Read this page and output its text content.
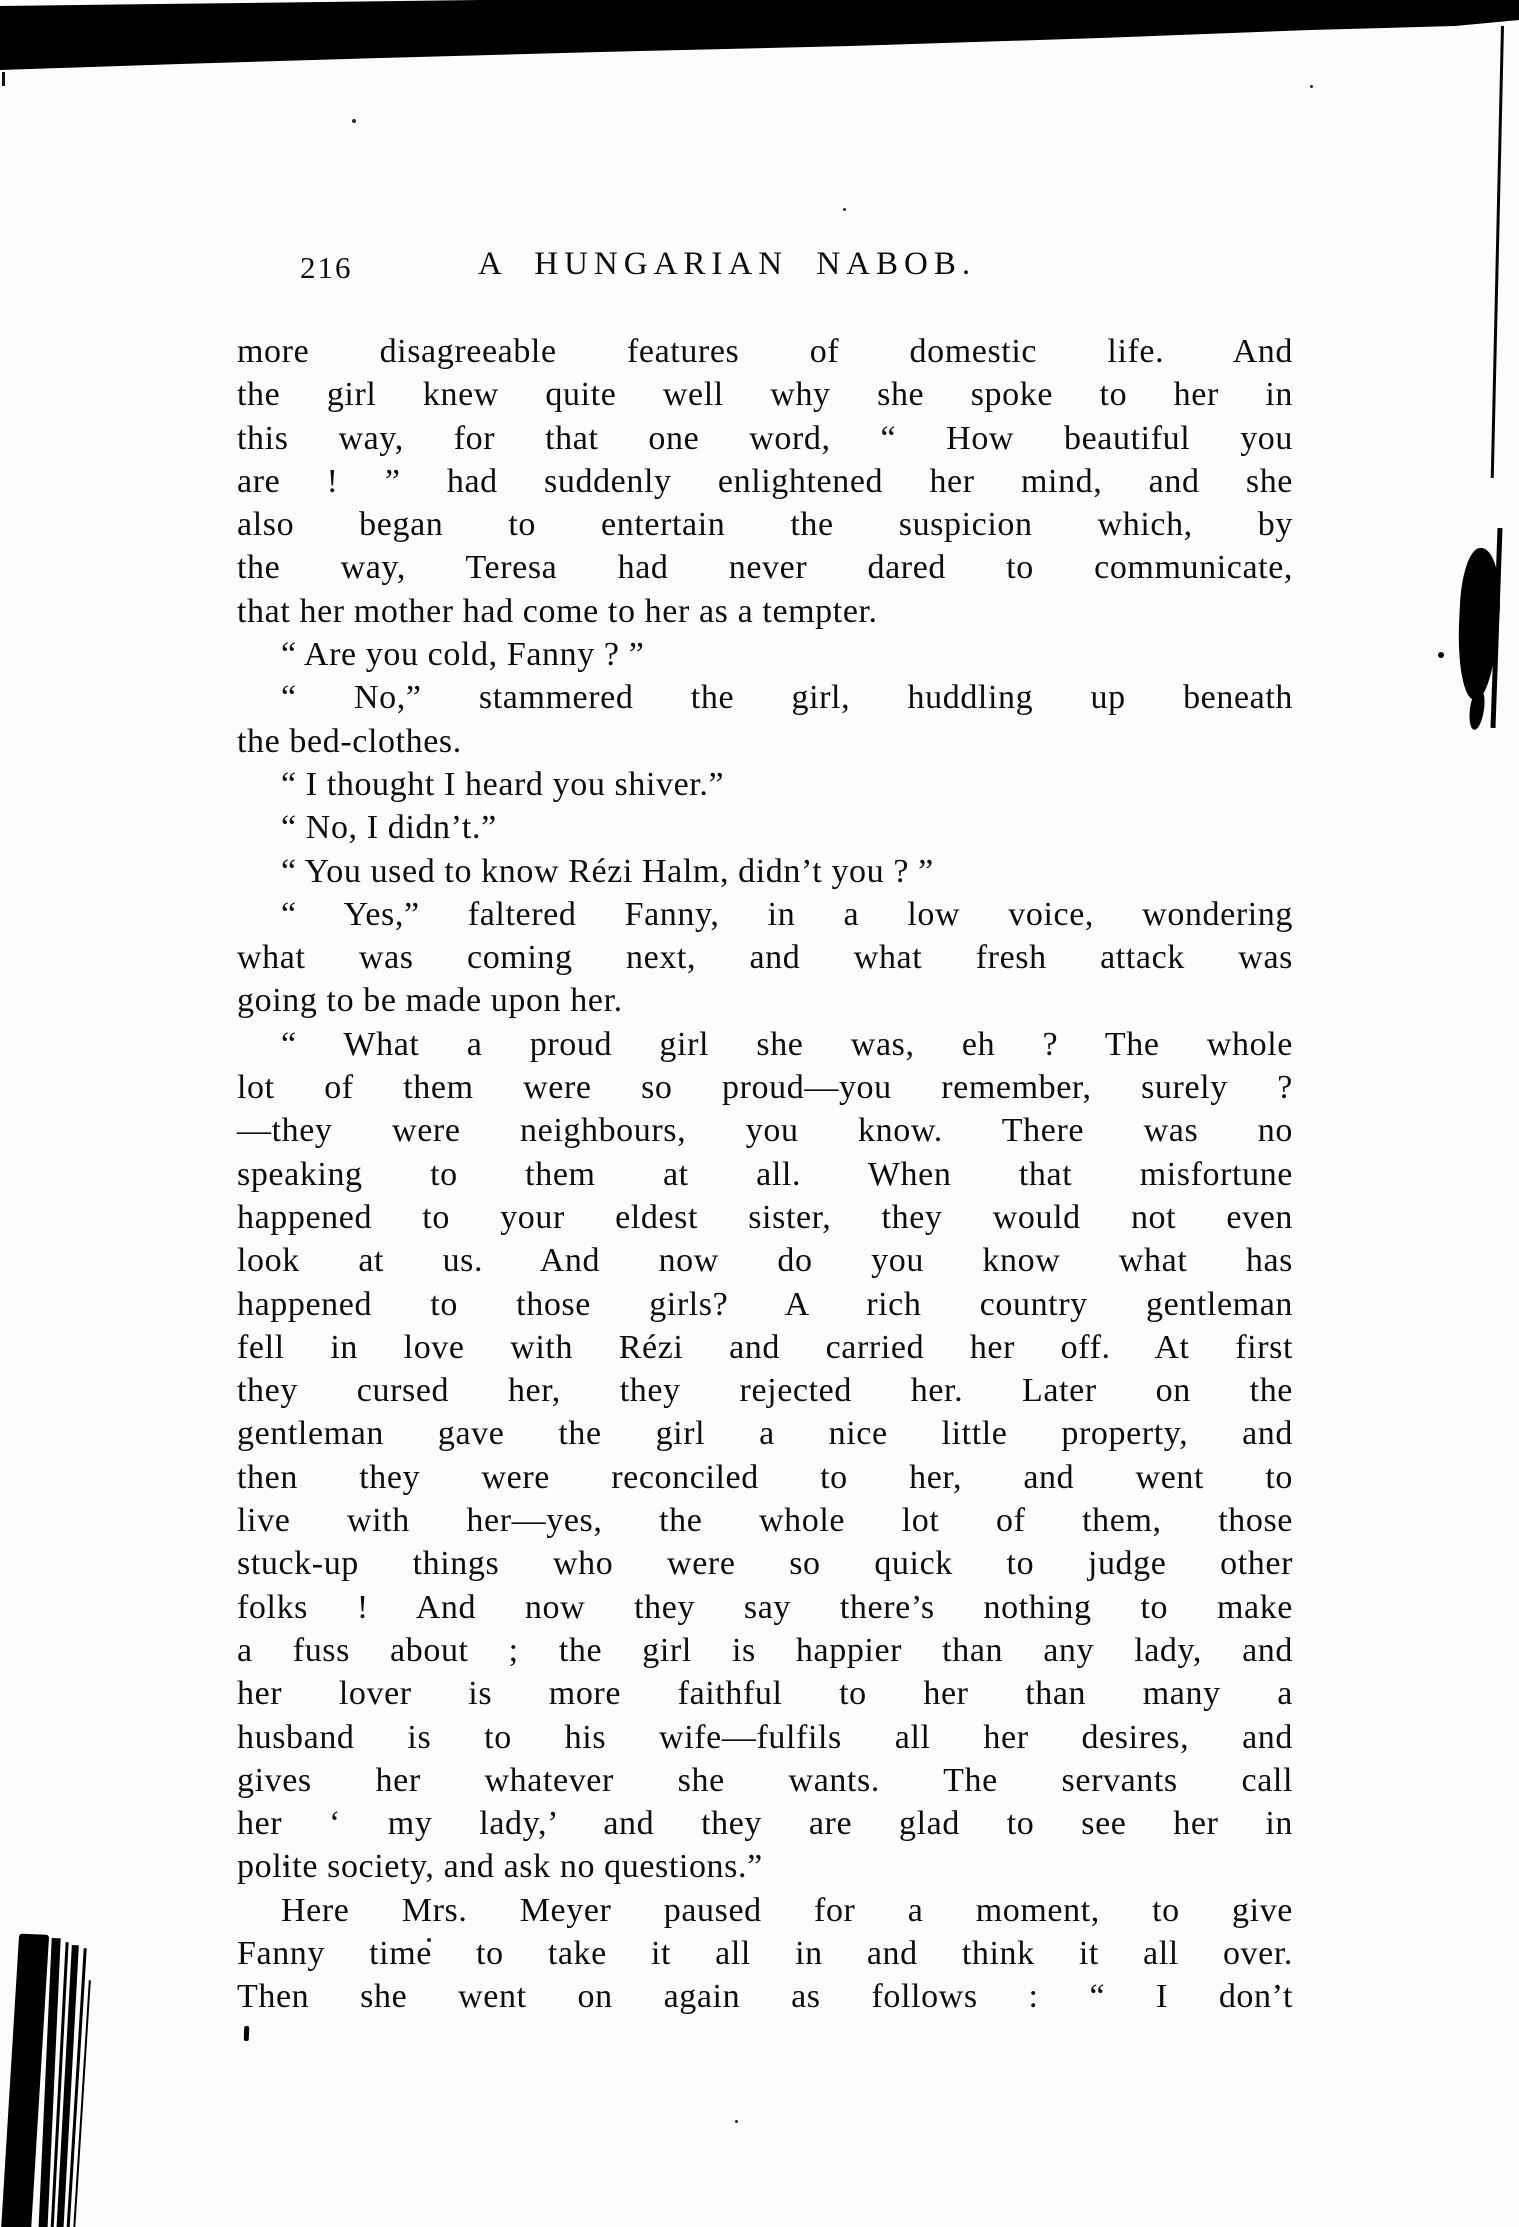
216	A HUNGARIAN NABOB.
more disagreeable features of domestic life. And
the girl knew quite well why she spoke to her in
this way, for that one word, “ How beautiful you
are ! ” had suddenly enlightened her mind, and she
also began to entertain the suspicion which, by
the way, Teresa had never dared to communicate,
that her mother had come to her as a tempter.
“ Are you cold, Fanny ? ”
“ No,” stammered the girl, huddling up beneath
the bed-clothes.
“ I thought I heard you shiver.”
“ No, I didn’t.”
“ You used to know Rézi Halm, didn’t you ? ”
“ Yes,” faltered Fanny, in a low voice, wondering
what was coming next, and what fresh attack was
going to be made upon her.
“ What a proud girl she was, eh ? The whole
lot of them were so proud—you remember, surely ?
—they were neighbours, you know. There was no
speaking to them at all. When that misfortune
happened to your eldest sister, they would not even
look at us. And now do you know what has
happened to those girls? A rich country gentleman
fell in love with Rézi and carried her off. At first
they cursed her, they rejected her. Later on the
gentleman gave the girl a nice little property, and
then they were reconciled to her, and went to
live with her—yes, the whole lot of them, those
stuck-up things who were so quick to judge other
folks ! And now they say there’s nothing to make
a fuss about ; the girl is happier than any lady, and
her lover is more faithful to her than many a
husband is to his wife—fulfils all her desires, and
gives her whatever she wants. The servants call
her ‘ my lady,’ and they are glad to see her in
polite society, and ask no questions.”
Here Mrs. Meyer paused for a moment, to give
Fanny time to take it all in and think it all over.
Then she went on again as follows : “ I don’t
